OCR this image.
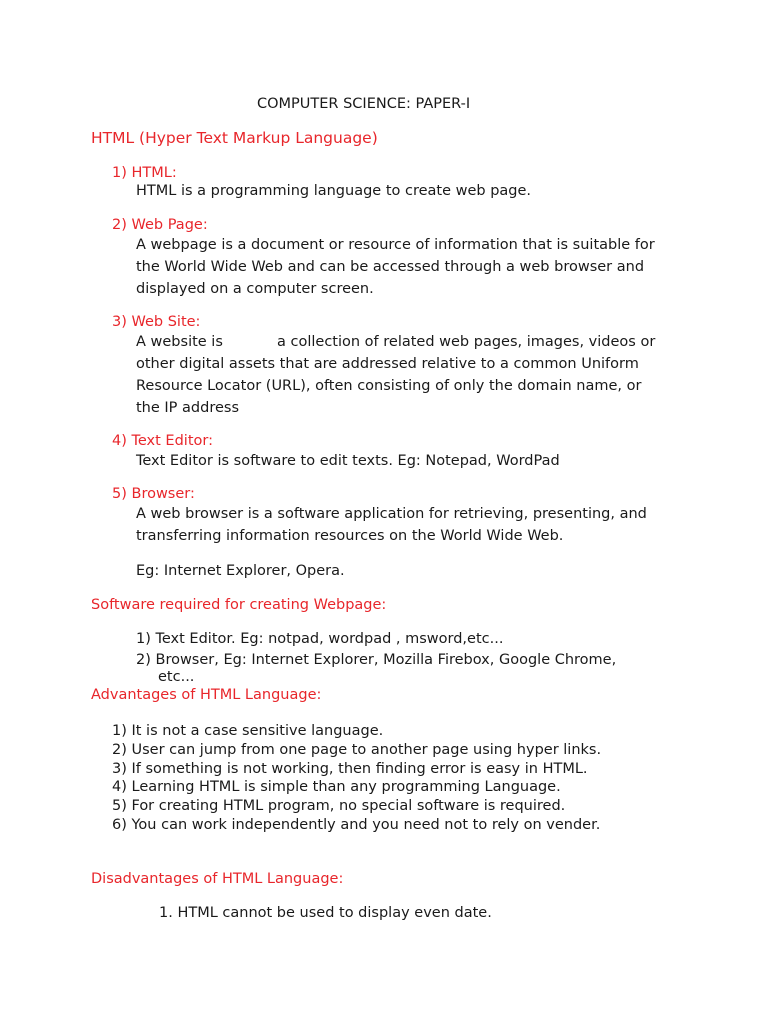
COMPUTER SCIENCE: PAPER-I

HTML (Hyper Text Markup Language)

1) HTML:

HTML is a programming language to create web page.

2) Web Page:

A webpage is a document or resource of information that is suitable for

the World Wide Web and can be accessed through a web browser and

displayed on a computer screen.

3) Web Site:

A website is	a collection of related web pages, images, videos or

other digital assets that are addressed relative to a common Uniform

Resource Locator (URL), often consisting of only the domain name, or

the IP address

4) Text Editor:

Text Editor is software to edit texts. Eg: Notepad, WordPad

5) Browser:

A web browser is a software application for retrieving, presenting, and

transferring information resources on the World Wide Web.

Eg: Internet Explorer, Opera.

Software required for creating Webpage:

1) Text Editor. Eg: notpad, wordpad , msword,etc...

2) Browser, Eg: Internet Explorer, Mozilla Firebox, Google Chrome,

etc...

Advantages of HTML Language:

1) It is not a case sensitive language.

2) User can jump from one page to another page using hyper links.

3) If something is not working, then finding error is easy in HTML.

4) Learning HTML is simple than any programming Language.

5) For creating HTML program, no special software is required.

6) You can work independently and you need not to rely on vender.

Disadvantages of HTML Language:

1. HTML cannot be used to display even date.
